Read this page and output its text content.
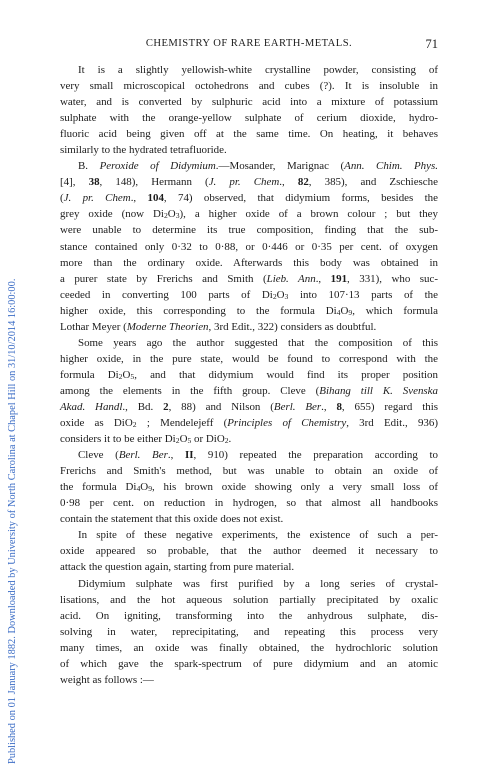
Published on 01 January 1882. Downloaded by University of North Carolina at Chapel Hill on 31/10/2014 16:00:00.
CHEMISTRY OF RARE EARTH-METALS.	71
It is a slightly yellowish-white crystalline powder, consisting of
very small microscopical octohedrons and cubes (?). It is insoluble in
water, and is converted by sulphuric acid into a mixture of potassium
sulphate with the orange-yellow sulphate of cerium dioxide, hydro-
fluoric acid being given off at the same time. On heating, it behaves
similarly to the hydrated tetrafluoride.
B. Peroxide of Didymium.—Mosander, Marignac (Ann. Chim. Phys.
[4], 38, 148), Hermann (J. pr. Chem., 82, 385), and Zschiesche
(J. pr. Chem., 104, 74) observed, that didymium forms, besides the
grey oxide (now $Di_2O_3$), a higher oxide of a brown colour ; but they
were unable to determine its true composition, finding that the sub-
stance contained only 0·32 to 0·88, or 0·446 or 0·35 per cent. of oxygen
more than the ordinary oxide. Afterwards this body was obtained in
a purer state by Frerichs and Smith (Lieb. Ann., 191, 331), who suc-
ceeded in converting 100 parts of $Di_2O_3$ into 107·13 parts of the
higher oxide, this corresponding to the formula $Di_4O_9$, which formula
Lothar Meyer (Moderne Theorien, 3rd Edit., 322) considers as doubtful.
Some years ago the author suggested that the composition of this
higher oxide, in the pure state, would be found to correspond with the
formula $Di_2O_5$, and that didymium would find its proper position
among the elements in the fifth group. Cleve (Bihang till K. Svenska
Akad. Handl., Bd. 2, 88) and Nilson (Berl. Ber., 8, 655) regard this
oxide as DiO$_2$ ; Mendelejeff (Principles of Chemistry, 3rd Edit., 936)
considers it to be either $Di_2O_5$ or DiO$_2$.
Cleve (Berl. Ber., II, 910) repeated the preparation according to
Frerichs and Smith's method, but was unable to obtain an oxide of
the formula $Di_4O_9$, his brown oxide showing only a very small loss of
0·98 per cent. on reduction in hydrogen, so that almost all handbooks
contain the statement that this oxide does not exist.
In spite of these negative experiments, the existence of such a per-
oxide appeared so probable, that the author deemed it necessary to
attack the question again, starting from pure material.
Didymium sulphate was first purified by a long series of crystal-
lisations, and the hot aqueous solution partially precipitated by oxalic
acid. On igniting, transforming into the anhydrous sulphate, dis-
solving in water, reprecipitating, and repeating this process very
many times, an oxide was finally obtained, the hydrochloric solution
of which gave the spark-spectrum of pure didymium and an atomic
weight as follows :—
